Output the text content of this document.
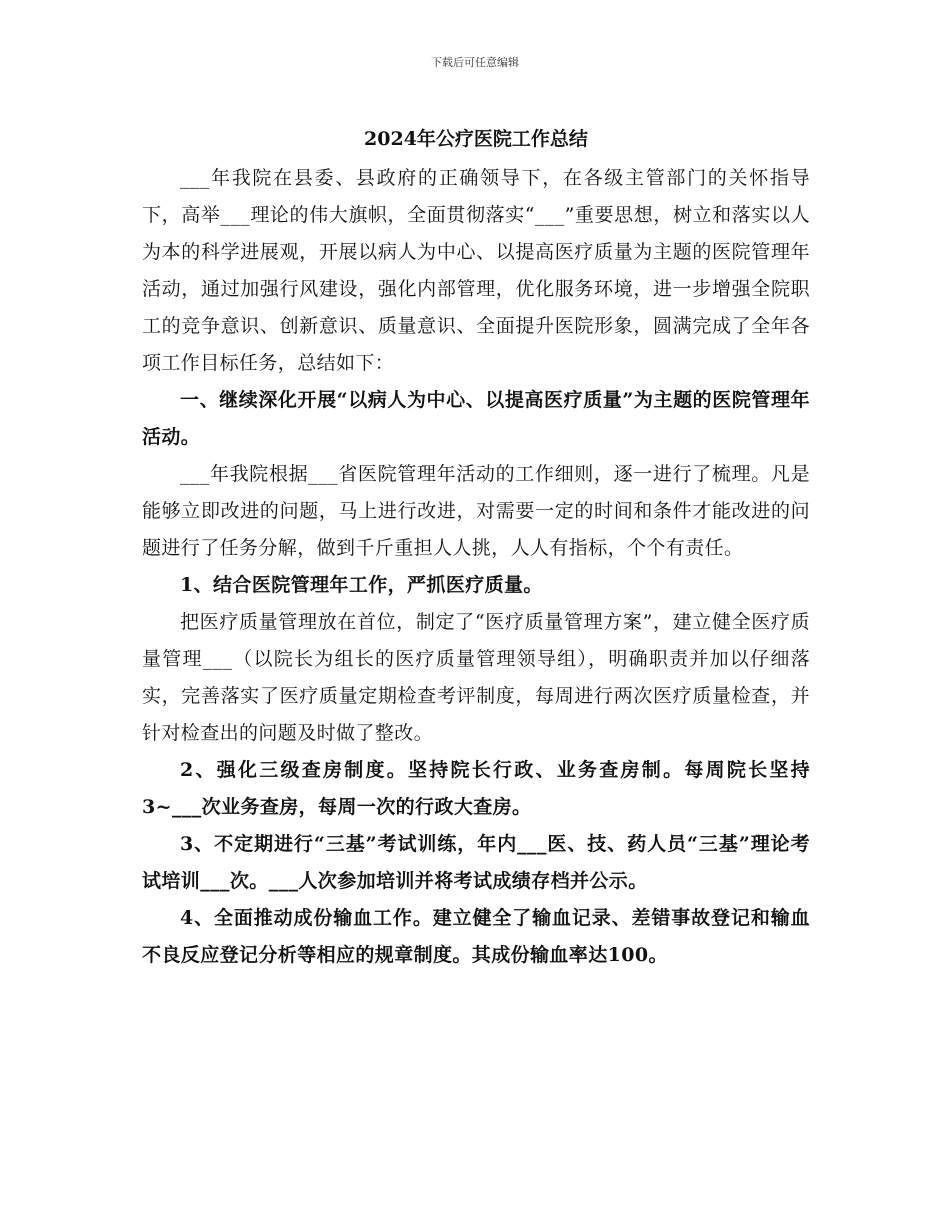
下载后可任意编辑
2024年公疗医院工作总结

___年我院在县委、县政府的正确领导下，在各级主管部门的关怀指导下，高举___理论的伟大旗帜，全面贯彻落实“___”重要思想，树立和落实以人为本的科学进展观，开展以病人为中心、以提高医疗质量为主题的医院管理年活动，通过加强行风建设，强化内部管理，优化服务环境，进一步增强全院职工的竞争意识、创新意识、质量意识、全面提升医院形象，圆满完成了全年各项工作目标任务，总结如下：

一、继续深化开展“以病人为中心、以提高医疗质量”为主题的医院管理年活动。

___年我院根据___省医院管理年活动的工作细则，逐一进行了梳理。凡是能够立即改进的问题，马上进行改进，对需要一定的时间和条件才能改进的问题进行了任务分解，做到千斤重担人人挑，人人有指标，个个有责任。

1、结合医院管理年工作，严抓医疗质量。

把医疗质量管理放在首位，制定了“医疗质量管理方案”，建立健全医疗质量管理___（以院长为组长的医疗质量管理领导组），明确职责并加以仔细落实，完善落实了医疗质量定期检查考评制度，每周进行两次医疗质量检查，并针对检查出的问题及时做了整改。

2、强化三级查房制度。坚持院长行政、业务查房制。每周院长坚持3~___次业务查房，每周一次的行政大查房。

3、不定期进行“三基”考试训练，年内___医、技、药人员“三基”理论考试培训___次。___人次参加培训并将考试成绩存档并公示。

4、全面推动成份输血工作。建立健全了输血记录、差错事故登记和输血不良反应登记分析等相应的规章制度。其成份输血率达100。
